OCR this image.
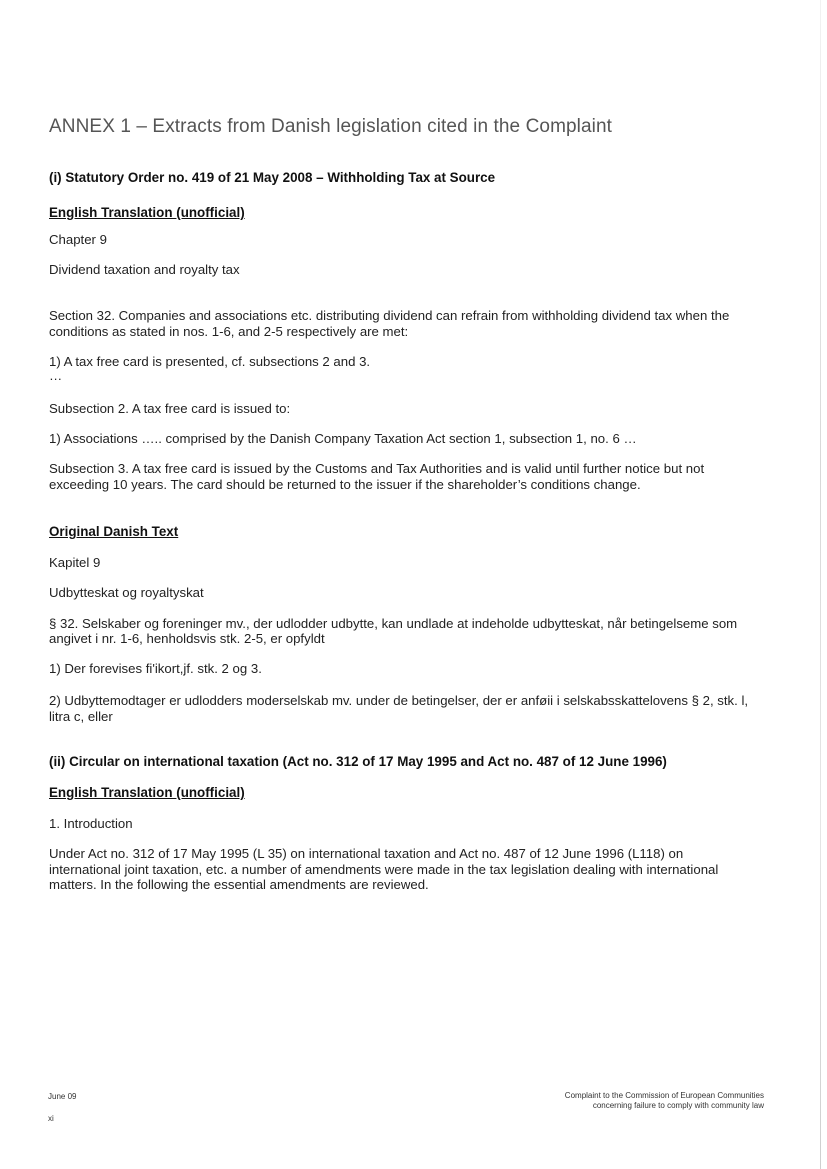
ANNEX 1 – Extracts from Danish legislation cited in the Complaint
(i) Statutory Order no. 419 of 21 May 2008 – Withholding Tax at Source
English Translation (unofficial)
Chapter 9
Dividend taxation and royalty tax
Section 32. Companies and associations etc. distributing dividend can refrain from withholding dividend tax when the
conditions as stated in nos. 1-6, and 2-5 respectively are met:
1) A tax free card is presented, cf. subsections 2 and 3.
…
Subsection 2. A tax free card is issued to:
1) Associations ….. comprised by the Danish Company Taxation Act section 1, subsection 1, no. 6 …
Subsection 3. A tax free card is issued by the Customs and Tax Authorities and is valid until further notice but not
exceeding 10 years. The card should be returned to the issuer if the shareholder’s conditions change.
Original Danish Text
Kapitel 9
Udbytteskat og royaltyskat
§ 32. Selskaber og foreninger mv., der udlodder udbytte, kan undlade at indeholde udbytteskat, når betingelseme som
angivet i nr. 1-6, henholdsvis stk. 2-5, er opfyldt
1) Der forevises fi'ikort,jf. stk. 2 og 3.
2) Udbyttemodtager er udlodders moderselskab mv. under de betingelser, der er anføii i selskabsskattelovens § 2, stk. l,
litra c, eller
(ii) Circular on international taxation (Act no. 312 of 17 May 1995 and Act no. 487 of 12 June 1996)
English Translation (unofficial)
1. Introduction
Under Act no. 312 of 17 May 1995 (L 35) on international taxation and Act no. 487 of 12 June 1996 (L118) on
international joint taxation, etc. a number of amendments were made in the tax legislation dealing with international
matters. In the following the essential amendments are reviewed.
June 09
xi
Complaint to the Commission of European Communities
concerning failure to comply with community law
